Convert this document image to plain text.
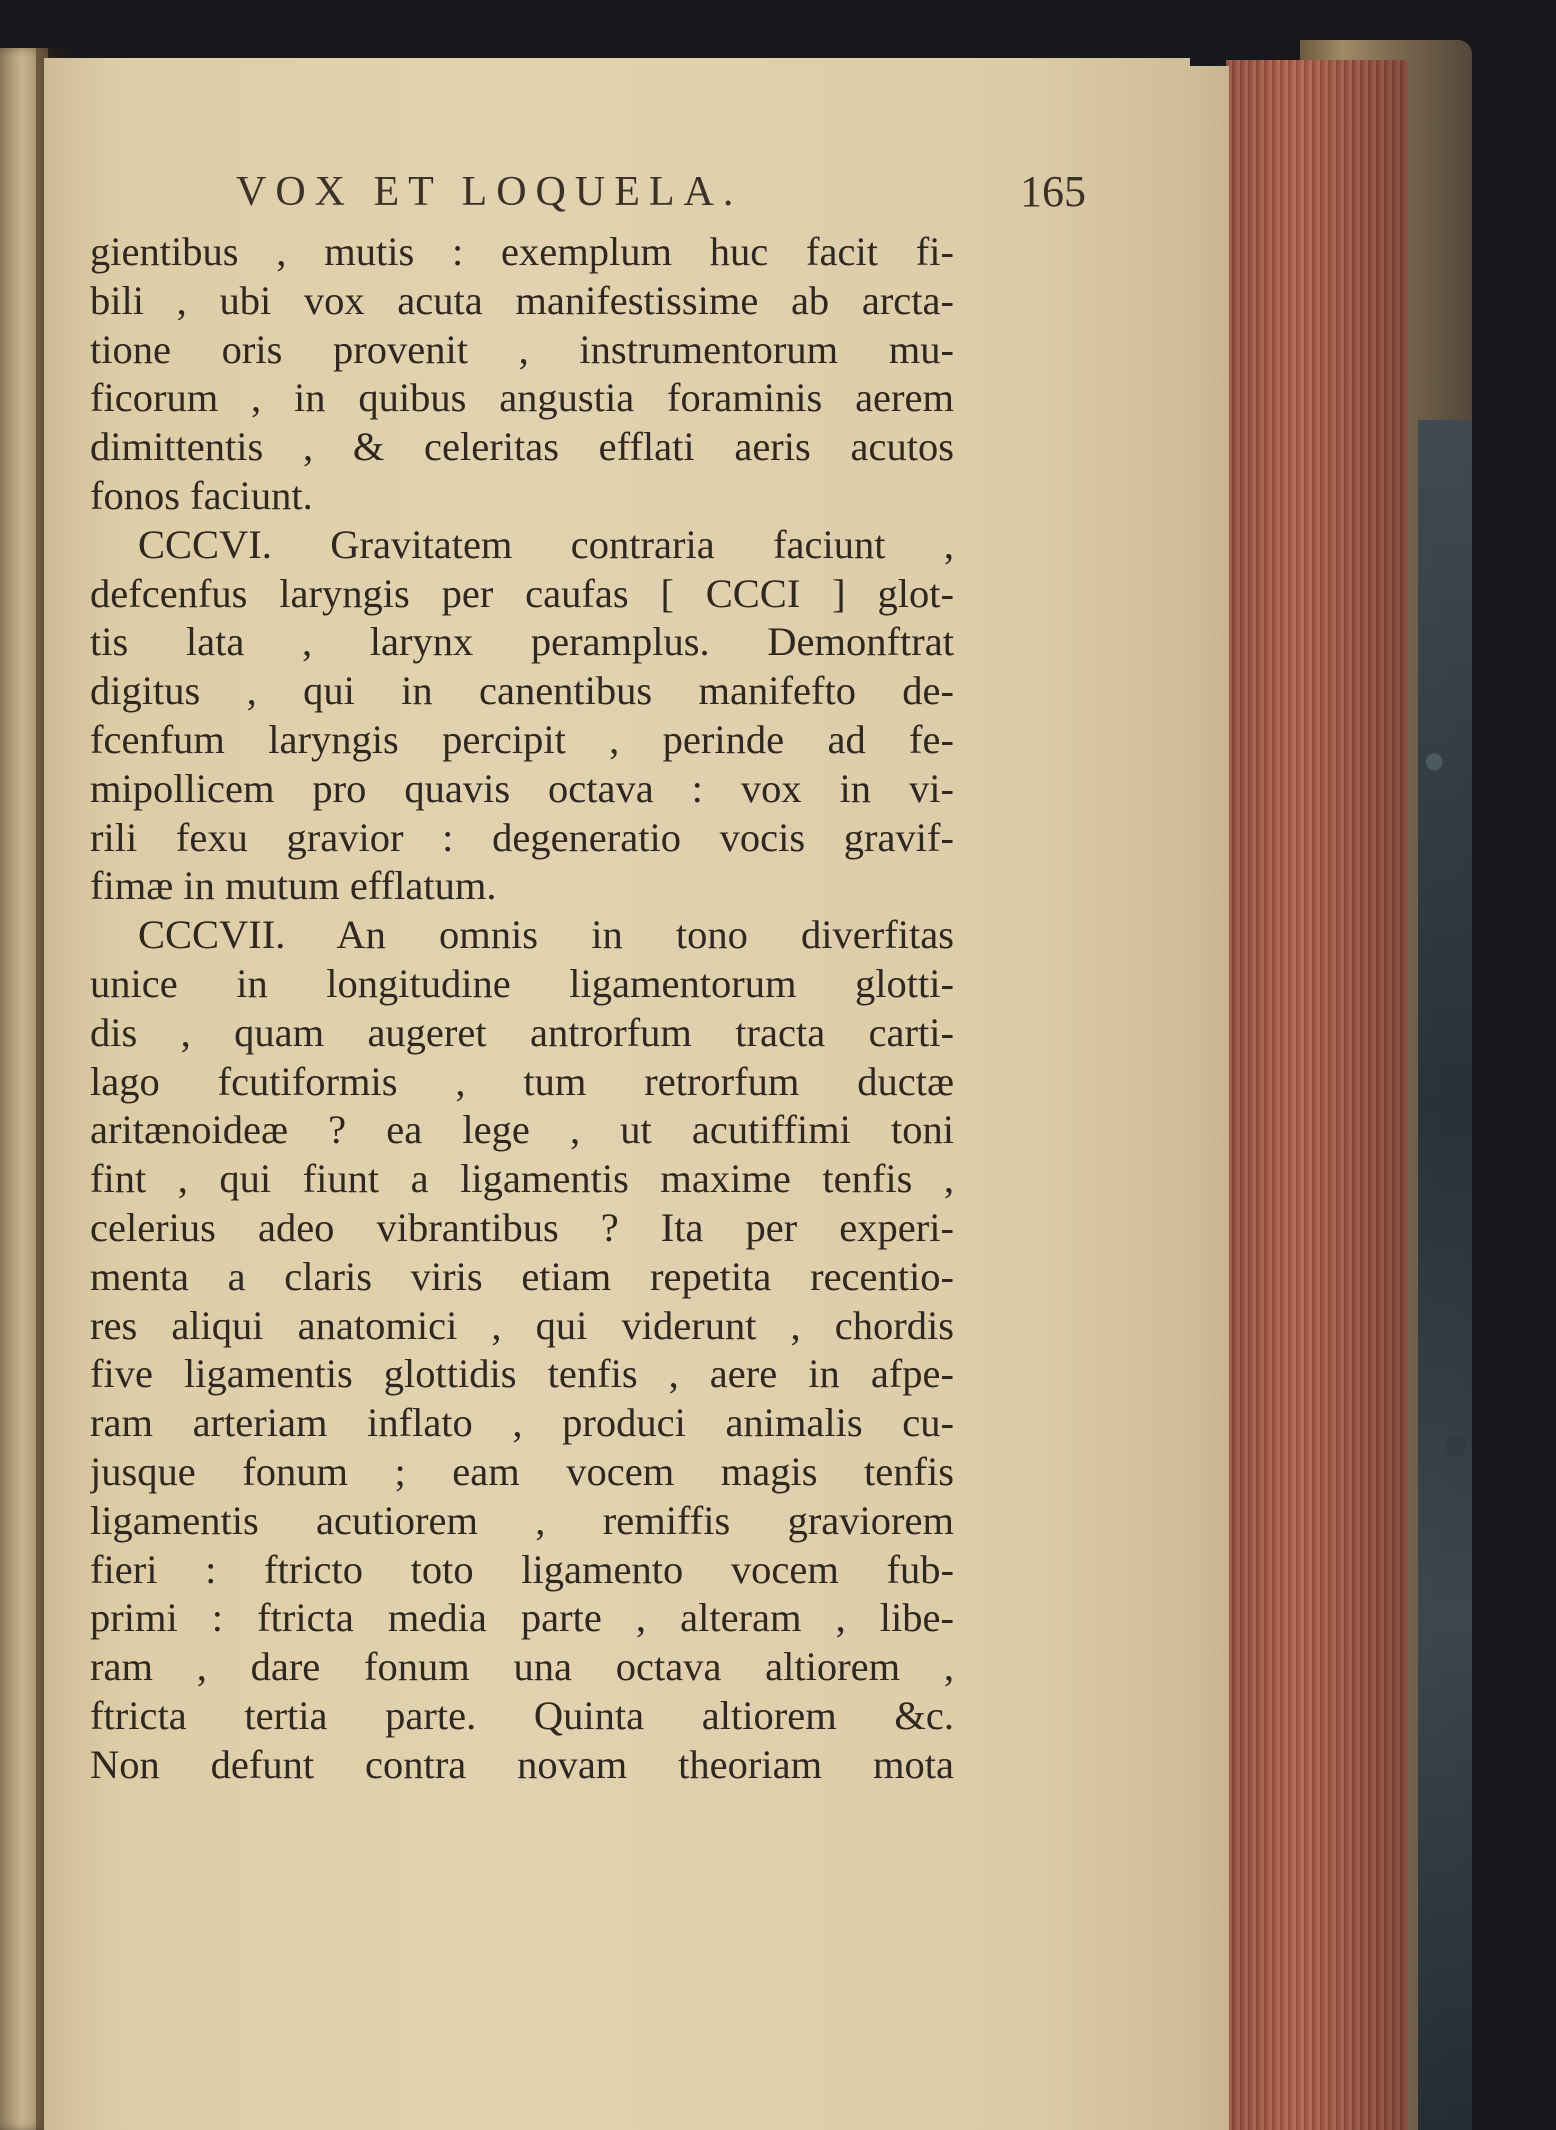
VOX ET LOQUELA.	165
gientibus , mutis : exemplum huc facit fi-
bili , ubi vox acuta manifestissime ab arcta-
tione oris provenit , instrumentorum mu-
ficorum , in quibus angustia foraminis aerem
dimittentis , & celeritas efflati aeris acutos
fonos faciunt.
CCCVI. Gravitatem contraria faciunt ,
defcenfus laryngis per caufas [ CCCI ] glot-
tis lata , larynx peramplus. Demonftrat
digitus , qui in canentibus manifefto de-
fcenfum laryngis percipit , perinde ad fe-
mipollicem pro quavis octava : vox in vi-
rili fexu gravior : degeneratio vocis gravif-
fimæ in mutum efflatum.
CCCVII. An omnis in tono diverfitas
unice in longitudine ligamentorum glotti-
dis , quam augeret antrorfum tracta carti-
lago fcutiformis , tum retrorfum ductæ
aritænoideæ ? ea lege , ut acutiffimi toni
fint , qui fiunt a ligamentis maxime tenfis ,
celerius adeo vibrantibus ? Ita per experi-
menta a claris viris etiam repetita recentio-
res aliqui anatomici , qui viderunt , chordis
five ligamentis glottidis tenfis , aere in afpe-
ram arteriam inflato , produci animalis cu-
jusque fonum ; eam vocem magis tenfis
ligamentis acutiorem , remiffis graviorem
fieri : ftricto toto ligamento vocem fub-
primi : ftricta media parte , alteram , libe-
ram , dare fonum una octava altiorem ,
ftricta tertia parte. Quinta altiorem &c.
Non defunt contra novam theoriam mota
